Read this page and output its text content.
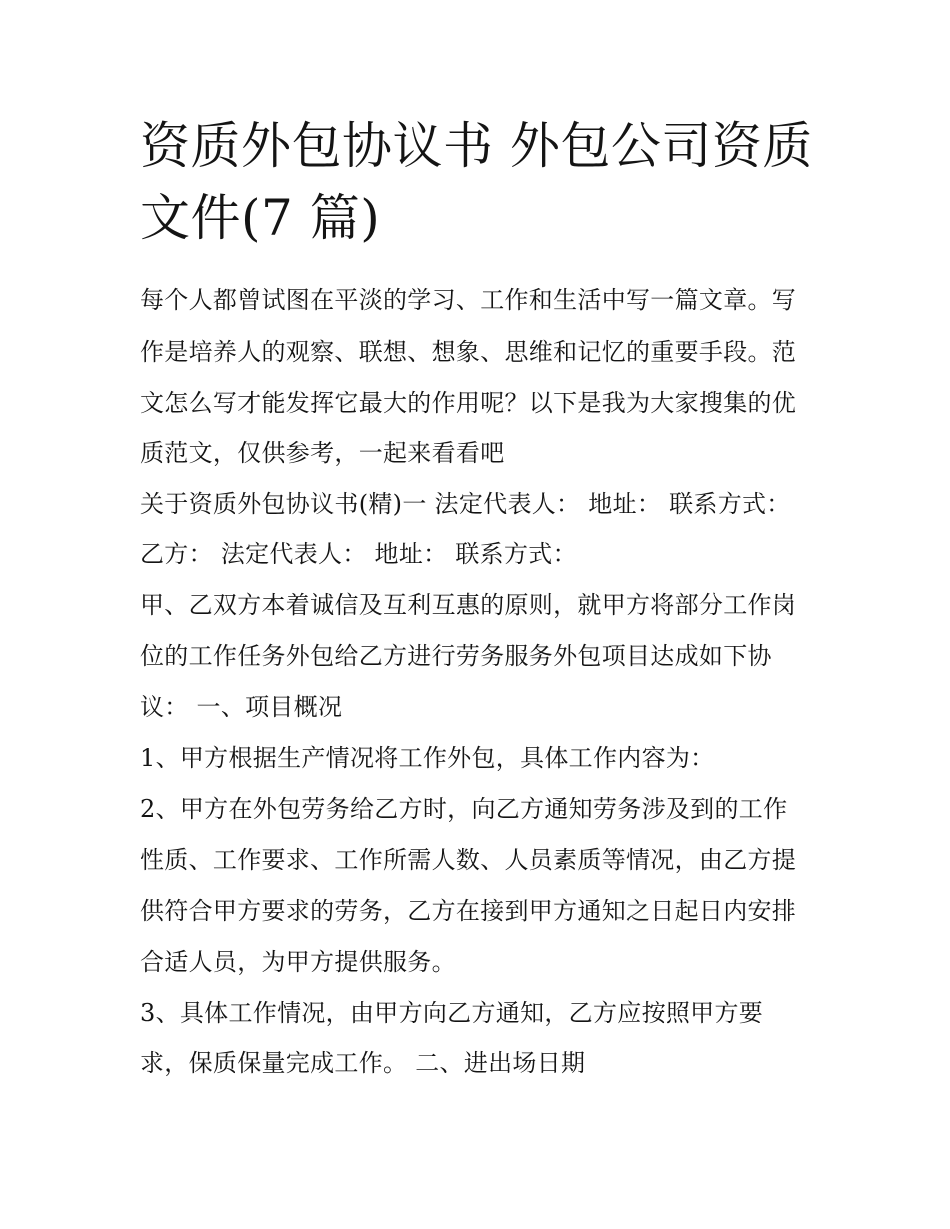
资质外包协议书 外包公司资质
文件(7 篇)

每个人都曾试图在平淡的学习、工作和生活中写一篇文章。写

作是培养人的观察、联想、想象、思维和记忆的重要手段。范

文怎么写才能发挥它最大的作用呢？以下是我为大家搜集的优

质范文，仅供参考，一起来看看吧

关于资质外包协议书(精)一 法定代表人： 地址： 联系方式：

乙方： 法定代表人： 地址： 联系方式：

甲、乙双方本着诚信及互利互惠的原则，就甲方将部分工作岗

位的工作任务外包给乙方进行劳务服务外包项目达成如下协

议： 一、项目概况

1、甲方根据生产情况将工作外包，具体工作内容为：

2、甲方在外包劳务给乙方时，向乙方通知劳务涉及到的工作

性质、工作要求、工作所需人数、人员素质等情况，由乙方提

供符合甲方要求的劳务，乙方在接到甲方通知之日起日内安排

合适人员，为甲方提供服务。

3、具体工作情况，由甲方向乙方通知，乙方应按照甲方要

求，保质保量完成工作。 二、进出场日期
